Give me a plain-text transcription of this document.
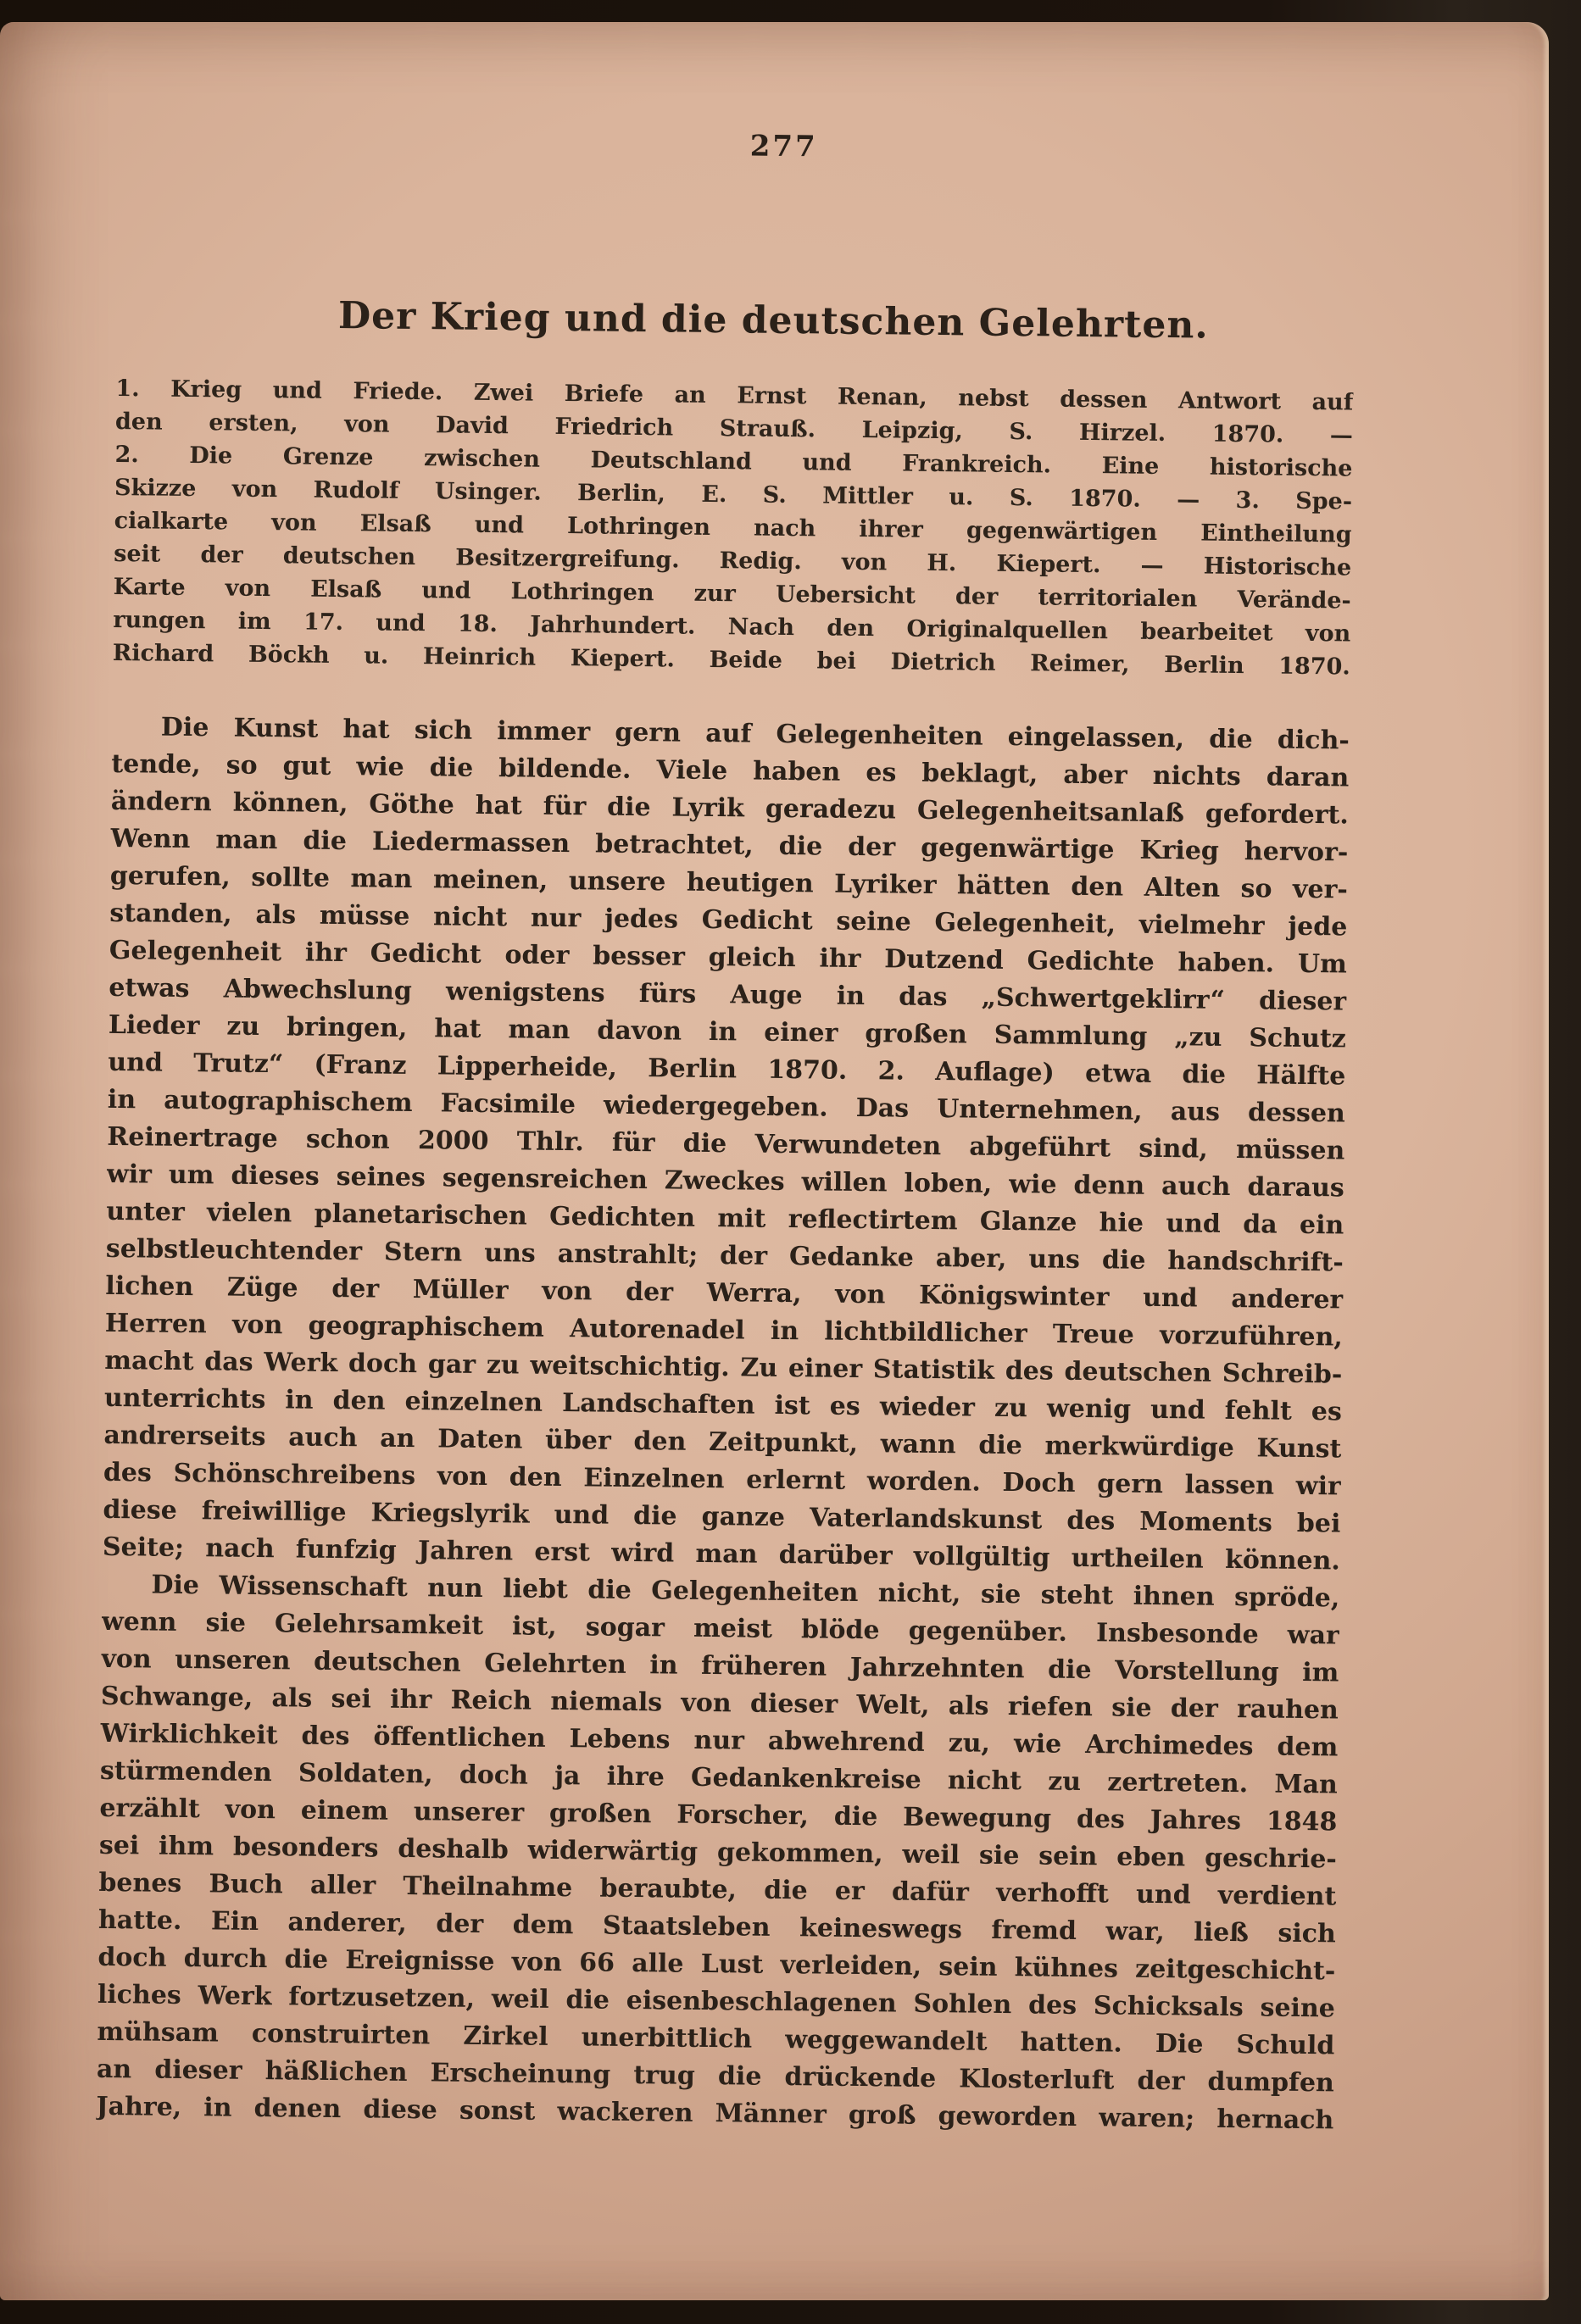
277
Der Krieg und die deutschen Gelehrten.
1. Krieg und Friede. Zwei Briefe an Ernst Renan, nebst dessen Antwort auf
den ersten, von David Friedrich Strauß. Leipzig, S. Hirzel. 1870. —
2. Die Grenze zwischen Deutschland und Frankreich. Eine historische
Skizze von Rudolf Usinger. Berlin, E. S. Mittler u. S. 1870. — 3. Spe-
cialkarte von Elsaß und Lothringen nach ihrer gegenwärtigen Eintheilung
seit der deutschen Besitzergreifung. Redig. von H. Kiepert. — Historische
Karte von Elsaß und Lothringen zur Uebersicht der territorialen Verände-
rungen im 17. und 18. Jahrhundert. Nach den Originalquellen bearbeitet von
Richard Böckh u. Heinrich Kiepert. Beide bei Dietrich Reimer, Berlin 1870.
Die Kunst hat sich immer gern auf Gelegenheiten eingelassen, die dich-
tende, so gut wie die bildende. Viele haben es beklagt, aber nichts daran
ändern können, Göthe hat für die Lyrik geradezu Gelegenheitsanlaß gefordert.
Wenn man die Liedermassen betrachtet, die der gegenwärtige Krieg hervor-
gerufen, sollte man meinen, unsere heutigen Lyriker hätten den Alten so ver-
standen, als müsse nicht nur jedes Gedicht seine Gelegenheit, vielmehr jede
Gelegenheit ihr Gedicht oder besser gleich ihr Dutzend Gedichte haben. Um
etwas Abwechslung wenigstens fürs Auge in das „Schwertgeklirr“ dieser
Lieder zu bringen, hat man davon in einer großen Sammlung „zu Schutz
und Trutz“ (Franz Lipperheide, Berlin 1870. 2. Auflage) etwa die Hälfte
in autographischem Facsimile wiedergegeben. Das Unternehmen, aus dessen
Reinertrage schon 2000 Thlr. für die Verwundeten abgeführt sind, müssen
wir um dieses seines segensreichen Zweckes willen loben, wie denn auch daraus
unter vielen planetarischen Gedichten mit reflectirtem Glanze hie und da ein
selbstleuchtender Stern uns anstrahlt; der Gedanke aber, uns die handschrift-
lichen Züge der Müller von der Werra, von Königswinter und anderer
Herren von geographischem Autorenadel in lichtbildlicher Treue vorzuführen,
macht das Werk doch gar zu weitschichtig. Zu einer Statistik des deutschen Schreib-
unterrichts in den einzelnen Landschaften ist es wieder zu wenig und fehlt es
andrerseits auch an Daten über den Zeitpunkt, wann die merkwürdige Kunst
des Schönschreibens von den Einzelnen erlernt worden. Doch gern lassen wir
diese freiwillige Kriegslyrik und die ganze Vaterlandskunst des Moments bei
Seite; nach funfzig Jahren erst wird man darüber vollgültig urtheilen können.
Die Wissenschaft nun liebt die Gelegenheiten nicht, sie steht ihnen spröde,
wenn sie Gelehrsamkeit ist, sogar meist blöde gegenüber. Insbesonde war
von unseren deutschen Gelehrten in früheren Jahrzehnten die Vorstellung im
Schwange, als sei ihr Reich niemals von dieser Welt, als riefen sie der rauhen
Wirklichkeit des öffentlichen Lebens nur abwehrend zu, wie Archimedes dem
stürmenden Soldaten, doch ja ihre Gedankenkreise nicht zu zertreten. Man
erzählt von einem unserer großen Forscher, die Bewegung des Jahres 1848
sei ihm besonders deshalb widerwärtig gekommen, weil sie sein eben geschrie-
benes Buch aller Theilnahme beraubte, die er dafür verhofft und verdient
hatte. Ein anderer, der dem Staatsleben keineswegs fremd war, ließ sich
doch durch die Ereignisse von 66 alle Lust verleiden, sein kühnes zeitgeschicht-
liches Werk fortzusetzen, weil die eisenbeschlagenen Sohlen des Schicksals seine
mühsam construirten Zirkel unerbittlich weggewandelt hatten. Die Schuld
an dieser häßlichen Erscheinung trug die drückende Klosterluft der dumpfen
Jahre, in denen diese sonst wackeren Männer groß geworden waren; hernach
